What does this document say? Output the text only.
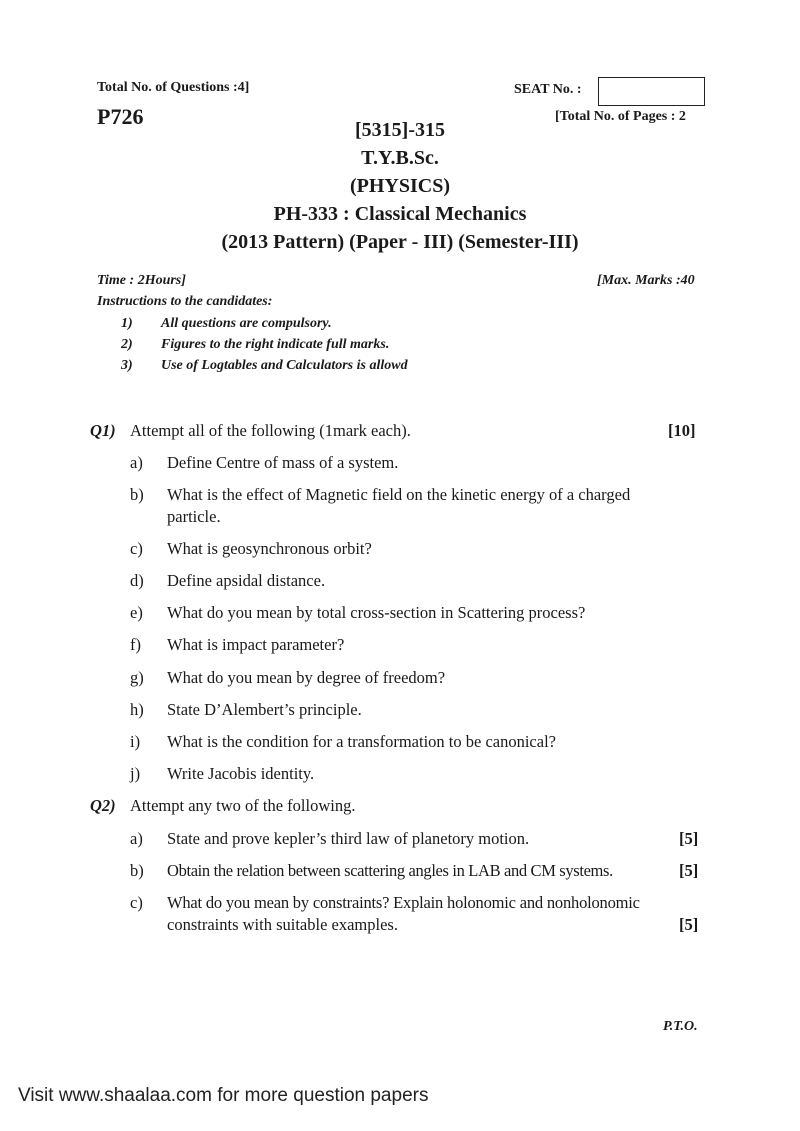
Total No. of Questions :4]
P726
SEAT No. :
[Total No. of Pages : 2
[5315]-315
T.Y.B.Sc.
(PHYSICS)
PH-333 : Classical Mechanics
(2013 Pattern) (Paper - III) (Semester-III)
Time : 2Hours]	[Max. Marks :40
Instructions to the candidates:
1) All questions are compulsory.
2) Figures to the right indicate full marks.
3) Use of Logtables and Calculators is allowd
Q1) Attempt all of the following (1mark each).	[10]
a) Define Centre of mass of a system.
b) What is the effect of Magnetic field on the kinetic energy of a charged
particle.
c) What is geosynchronous orbit?
d) Define apsidal distance.
e) What do you mean by total cross-section in Scattering process?
f) What is impact parameter?
g) What do you mean by degree of freedom?
h) State D’Alembert’s principle.
i) What is the condition for a transformation to be canonical?
j) Write Jacobis identity.
Q2) Attempt any two of the following.
a) State and prove kepler’s third law of planetory motion.	[5]
b) Obtain the relation between scattering angles in LAB and CM systems.	[5]
c) What do you mean by constraints? Explain holonomic and nonholonomic
constraints with suitable examples.	[5]
P.T.O.
Visit www.shaalaa.com for more question papers
